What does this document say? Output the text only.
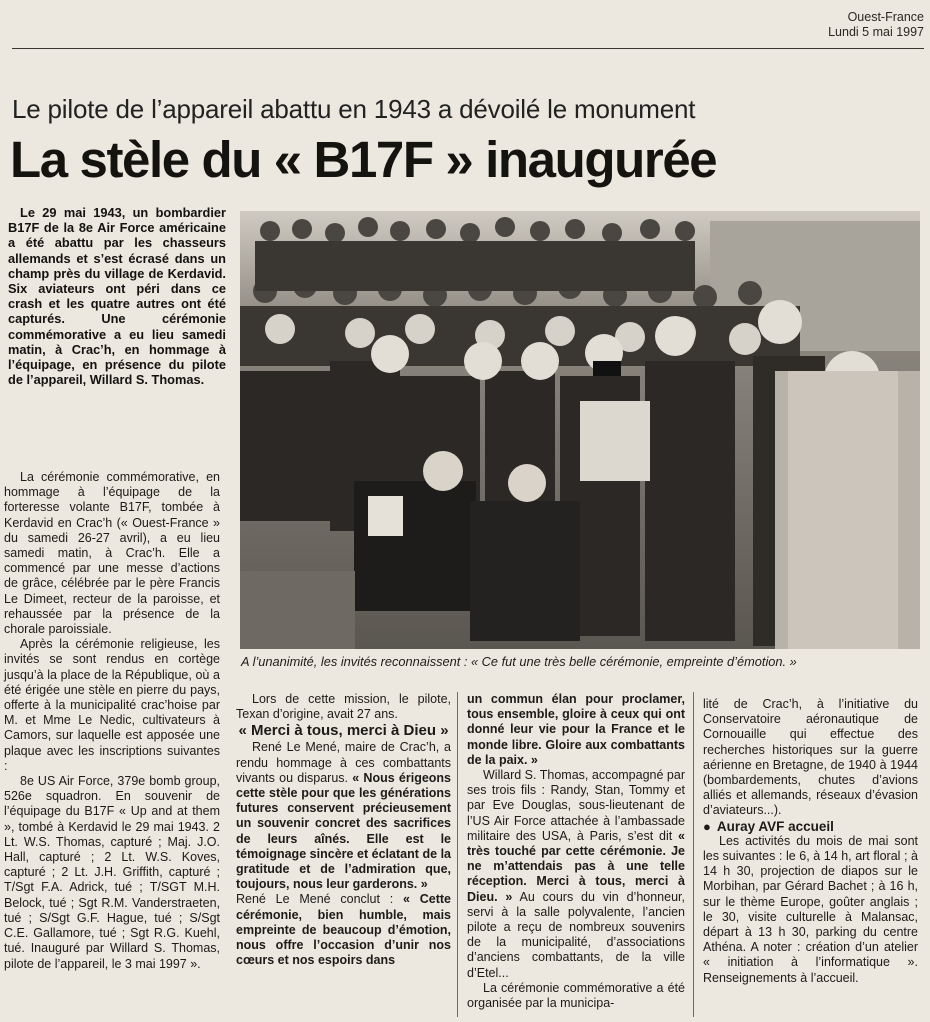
Ouest-France
Lundi 5 mai 1997
Le pilote de l’appareil abattu en 1943 a dévoilé le monument
La stèle du « B17F » inaugurée
Le 29 mai 1943, un bombardier B17F de la 8e Air Force américaine a été abattu par les chasseurs allemands et s’est écrasé dans un champ près du village de Kerdavid. Six aviateurs ont péri dans ce crash et les quatre autres ont été capturés. Une cérémonie commémorative a eu lieu samedi matin, à Crac’h, en hommage à l’équipage, en présence du pilote de l’appareil, Willard S. Thomas.

La cérémonie commémorative, en hommage à l’équipage de la forteresse volante B17F, tombée à Kerdavid en Crac’h (« Ouest-France » du samedi 26-27 avril), a eu lieu samedi matin, à Crac’h. Elle a commencé par une messe d’actions de grâce, célébrée par le père Francis Le Dimeet, recteur de la paroisse, et rehaussée par la présence de la chorale paroissiale.

Après la cérémonie religieuse, les invités se sont rendus en cortège jusqu’à la place de la République, où a été érigée une stèle en pierre du pays, offerte à la municipalité crac’hoise par M. et Mme Le Nedic, cultivateurs à Camors, sur laquelle est apposée une plaque avec les inscriptions suivantes :

8e US Air Force, 379e bomb group, 526e squadron. En souvenir de l’équipage du B17F « Up and at them », tombé à Kerdavid le 29 mai 1943. 2 Lt. W.S. Thomas, capturé ; Maj. J.O. Hall, capturé ; 2 Lt. W.S. Koves, capturé ; 2 Lt. J.H. Griffith, capturé ; T/Sgt F.A. Adrick, tué ; T/SGT M.H. Belock, tué ; Sgt R.M. Vanderstraeten, tué ; S/Sgt G.F. Hague, tué ; S/Sgt C.E. Gallamore, tué ; Sgt R.G. Kuehl, tué. Inauguré par Willard S. Thomas, pilote de l’appareil, le 3 mai 1997 ».

A l’unanimité, les invités reconnaissent : « Ce fut une très belle cérémonie, empreinte d’émotion. »

Lors de cette mission, le pilote, Texan d’origine, avait 27 ans.

« Merci à tous, merci à Dieu »

René Le Mené, maire de Crac’h, a rendu hommage à ces combattants vivants ou disparus. « Nous érigeons cette stèle pour que les générations futures conservent précieusement un souvenir concret des sacrifices de leurs aînés. Elle est le témoignage sincère et éclatant de la gratitude et de l’admiration que, toujours, nous leur garderons. »

René Le Mené conclut : « Cette cérémonie, bien humble, mais empreinte de beaucoup d’émotion, nous offre l’occasion d’unir nos cœurs et nos espoirs dans

un commun élan pour proclamer, tous ensemble, gloire à ceux qui ont donné leur vie pour la France et le monde libre. Gloire aux combattants de la paix. »

Willard S. Thomas, accompagné par ses trois fils : Randy, Stan, Tommy et par Eve Douglas, sous-lieutenant de l’US Air Force attachée à l’ambassade militaire des USA, à Paris, s’est dit « très touché par cette cérémonie. Je ne m’attendais pas à une telle réception. Merci à tous, merci à Dieu. » Au cours du vin d’honneur, servi à la salle polyvalente, l’ancien pilote a reçu de nombreux souvenirs de la municipalité, d’associations d’anciens combattants, de la ville d’Etel...

La cérémonie commémorative a été organisée par la municipa-

lité de Crac’h, à l’initiative du Conservatoire aéronautique de Cornouaille qui effectue des recherches historiques sur la guerre aérienne en Bretagne, de 1940 à 1944 (bombardements, chutes d’avions alliés et allemands, réseaux d’évasion d’aviateurs...).

● Auray AVF accueil

Les activités du mois de mai sont les suivantes : le 6, à 14 h, art floral ; à 14 h 30, projection de diapos sur le Morbihan, par Gérard Bachet ; à 16 h, sur le thème Europe, goûter anglais ; le 30, visite culturelle à Malansac, départ à 13 h 30, parking du centre Athéna. A noter : création d’un atelier « initiation à l’informatique ». Renseignements à l’accueil.
